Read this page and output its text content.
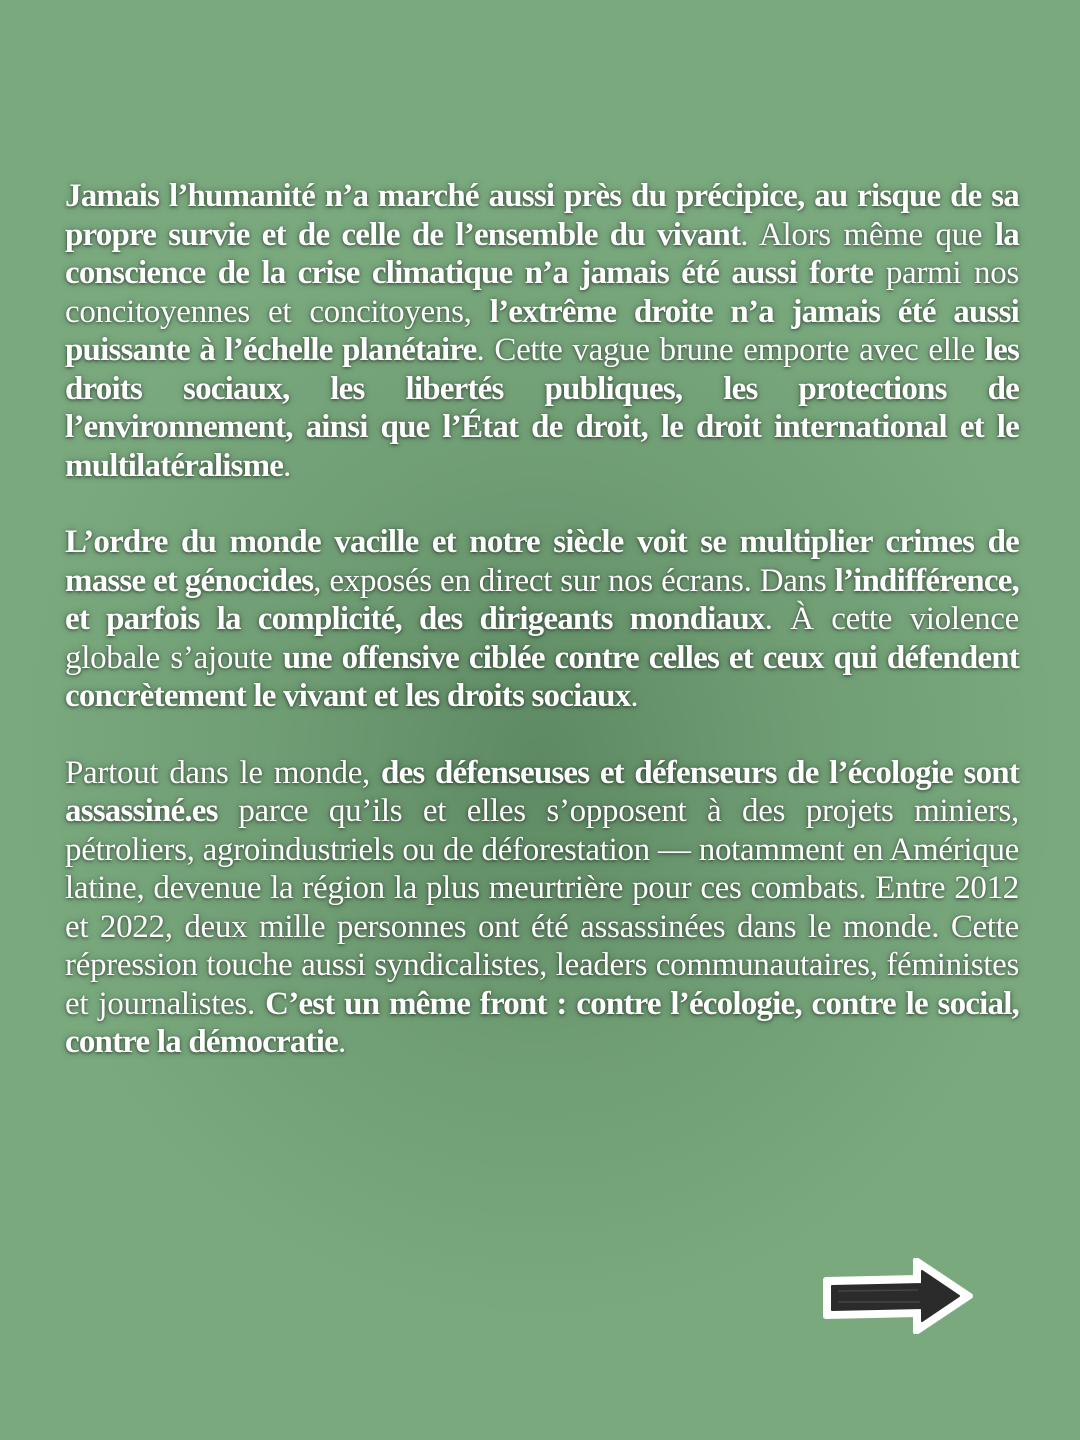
Jamais l’humanité n’a marché aussi près du précipice, au risque de sa propre survie et de celle de l’ensemble du vivant. Alors même que la conscience de la crise climatique n’a jamais été aussi forte parmi nos concitoyennes et concitoyens, l’extrême droite n’a jamais été aussi puissante à l’échelle planétaire. Cette vague brune emporte avec elle les droits sociaux, les libertés publiques, les protections de l’environnement, ainsi que l’État de droit, le droit international et le multilatéralisme.

L’ordre du monde vacille et notre siècle voit se multiplier crimes de masse et génocides, exposés en direct sur nos écrans. Dans l’indifférence, et parfois la complicité, des dirigeants mondiaux. À cette violence globale s’ajoute une offensive ciblée contre celles et ceux qui défendent concrètement le vivant et les droits sociaux.

Partout dans le monde, des défenseuses et défenseurs de l’écologie sont assassiné.es parce qu’ils et elles s’opposent à des projets miniers, pétroliers, agroindustriels ou de déforestation — notamment en Amérique latine, devenue la région la plus meurtrière pour ces combats. Entre 2012 et 2022, deux mille personnes ont été assassinées dans le monde. Cette répression touche aussi syndicalistes, leaders communautaires, féministes et journalistes. C’est un même front : contre l’écologie, contre le social, contre la démocratie.
